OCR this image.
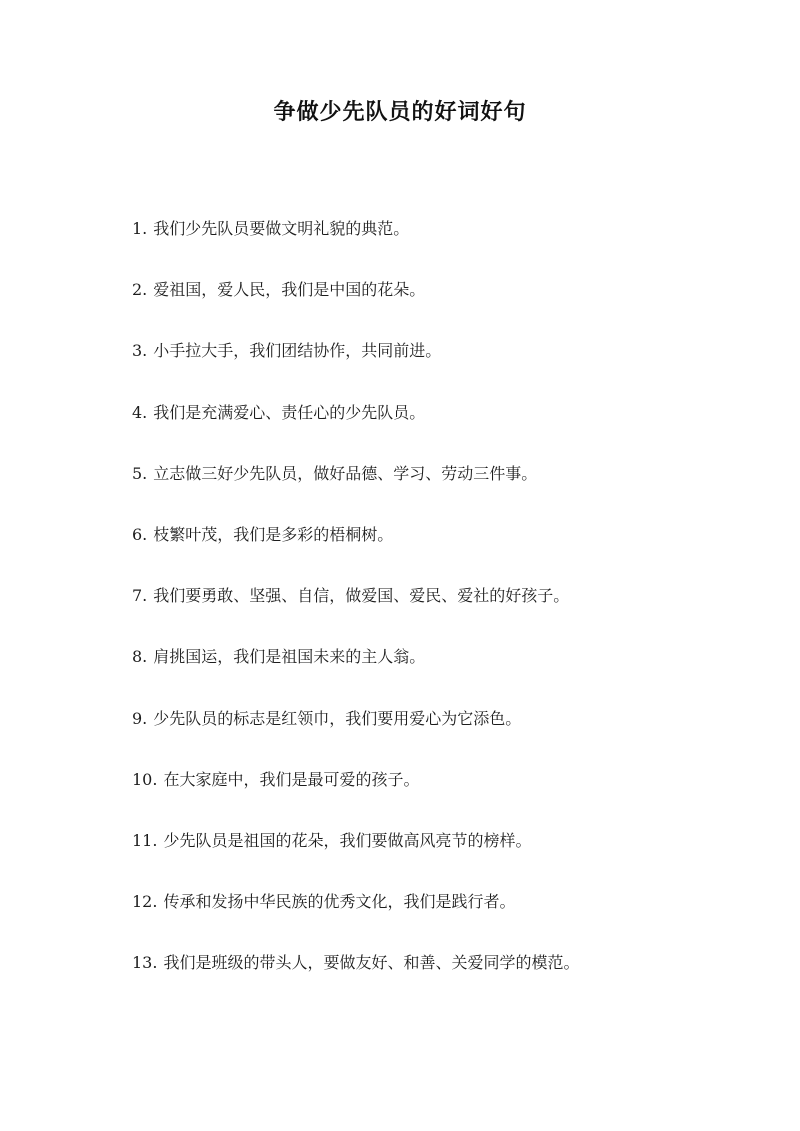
争做少先队员的好词好句
1. 我们少先队员要做文明礼貌的典范。
2. 爱祖国，爱人民，我们是中国的花朵。
3. 小手拉大手，我们团结协作，共同前进。
4. 我们是充满爱心、责任心的少先队员。
5. 立志做三好少先队员，做好品德、学习、劳动三件事。
6. 枝繁叶茂，我们是多彩的梧桐树。
7. 我们要勇敢、坚强、自信，做爱国、爱民、爱社的好孩子。
8. 肩挑国运，我们是祖国未来的主人翁。
9. 少先队员的标志是红领巾，我们要用爱心为它添色。
10. 在大家庭中，我们是最可爱的孩子。
11. 少先队员是祖国的花朵，我们要做高风亮节的榜样。
12. 传承和发扬中华民族的优秀文化，我们是践行者。
13. 我们是班级的带头人，要做友好、和善、关爱同学的模范。
